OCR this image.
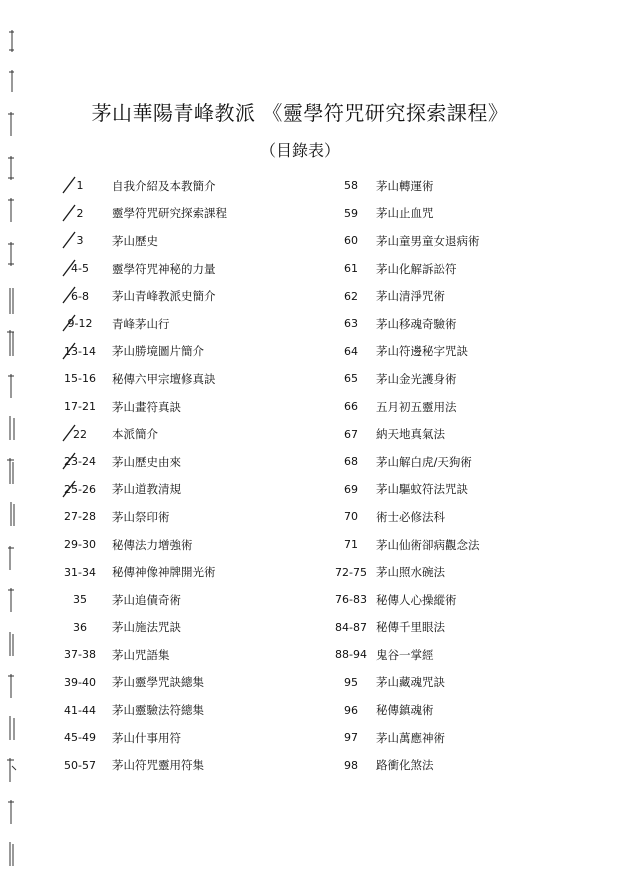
茅山華陽青峰教派 《靈學符咒研究探索課程》
（目錄表）
1	自我介紹及本教簡介
2	靈學符咒研究探索課程
3	茅山歷史
4-5	靈學符咒神秘的力量
6-8	茅山青峰教派史簡介
9-12	青峰茅山行
13-14	茅山勝境圖片簡介
15-16	秘傳六甲宗壇修真訣
17-21	茅山畫符真訣
22	本派簡介
23-24	茅山歷史由來
25-26	茅山道教清規
27-28	茅山祭印術
29-30	秘傳法力增強術
31-34	秘傳神像神牌開光術
35	茅山追債奇術
36	茅山施法咒訣
37-38	茅山咒語集
39-40	茅山靈學咒訣總集
41-44	茅山靈驗法符總集
45-49	茅山什事用符
50-57	茅山符咒靈用符集
58	茅山轉運術
59	茅山止血咒
60	茅山童男童女退病術
61	茅山化解訴訟符
62	茅山清淨咒術
63	茅山移魂奇驗術
64	茅山符邊秘字咒訣
65	茅山金光護身術
66	五月初五靈用法
67	納天地真氣法
68	茅山解白虎/天狗術
69	茅山驅蚊符法咒訣
70	術士必修法科
71	茅山仙術卻病觀念法
72-75 茅山照水碗法
76-83 秘傳人心操縱術
84-87 秘傳千里眼法
88-94 鬼谷一掌經
95	茅山藏魂咒訣
96	秘傳鎮魂術
97	茅山萬應神術
98	路衝化煞法
